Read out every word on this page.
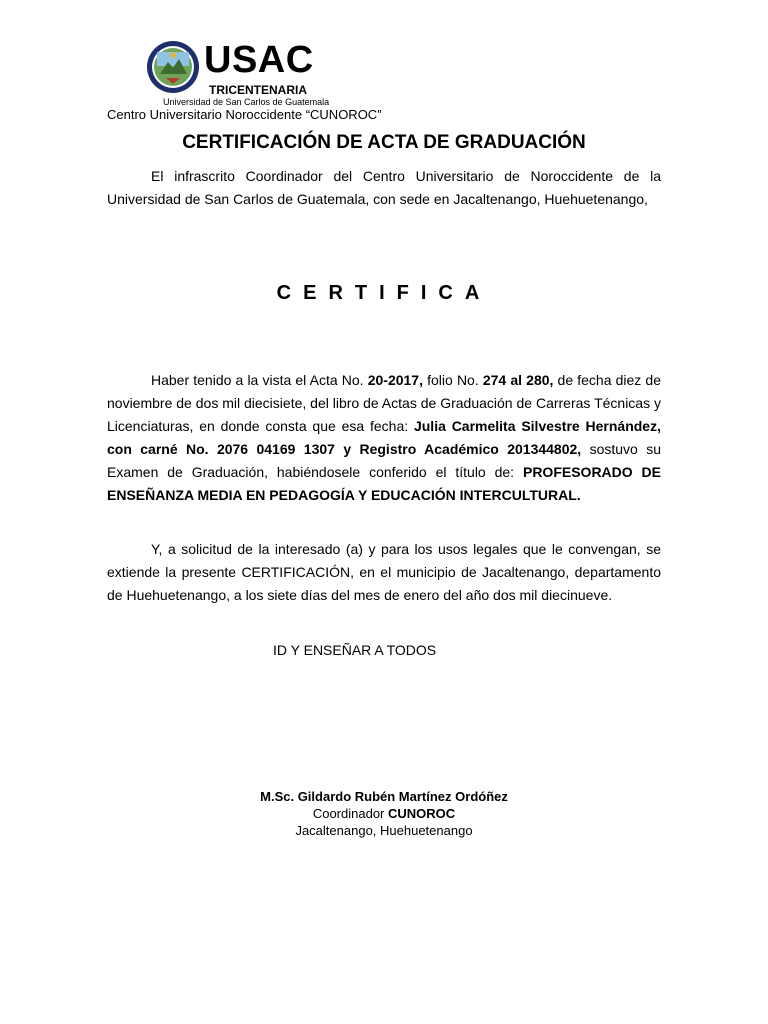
USAC
TRICENTENARIA
Universidad de San Carlos de Guatemala
Centro Universitario Noroccidente “CUNOROC”
CERTIFICACIÓN DE ACTA DE GRADUACIÓN

El infrascrito Coordinador del Centro Universitario de Noroccidente de la Universidad de San Carlos de Guatemala, con sede en Jacaltenango, Huehuetenango,

CERTIFICA

Haber tenido a la vista el Acta No. 20-2017, folio No. 274 al 280, de fecha diez de noviembre de dos mil diecisiete, del libro de Actas de Graduación de Carreras Técnicas y Licenciaturas, en donde consta que esa fecha: Julia Carmelita Silvestre Hernández, con carné No. 2076 04169 1307 y Registro Académico 201344802, sostuvo su Examen de Graduación, habiéndosele conferido el título de: PROFESORADO DE ENSEÑANZA MEDIA EN PEDAGOGÍA Y EDUCACIÓN INTERCULTURAL.

Y, a solicitud de la interesado (a) y para los usos legales que le convengan, se extiende la presente CERTIFICACIÓN, en el municipio de Jacaltenango, departamento de Huehuetenango, a los siete días del mes de enero del año dos mil diecinueve.

ID Y ENSEÑAR A TODOS
M.Sc. Gildardo Rubén Martínez Ordóñez
Coordinador CUNOROC
Jacaltenango, Huehuetenango
